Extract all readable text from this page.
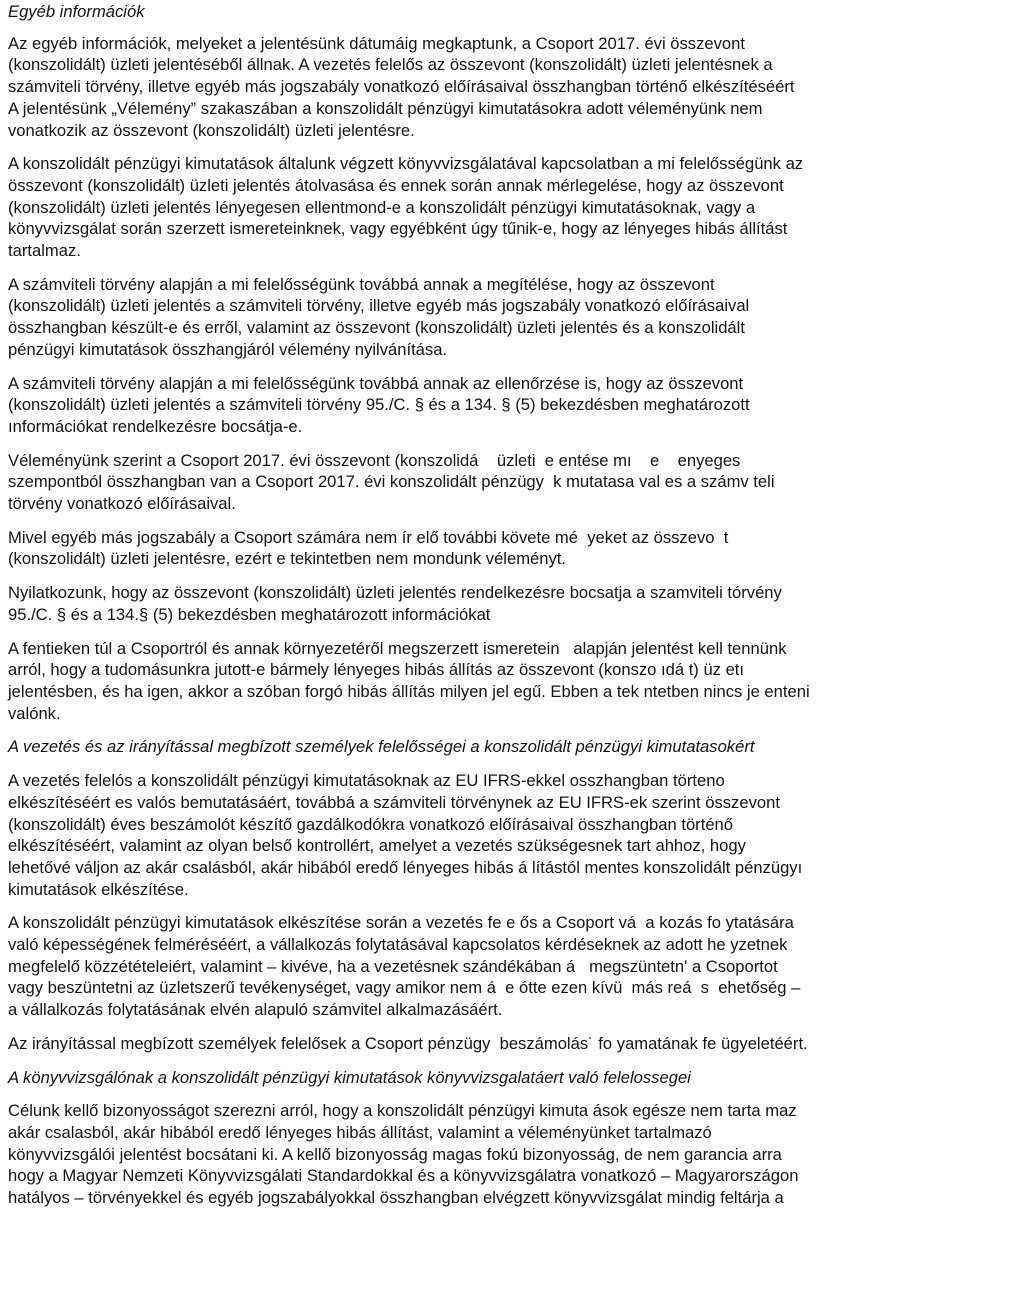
Egyéb információk
Az egyéb információk, melyeket a jelentésünk dátumáig megkaptunk, a Csoport 2017. évi összevont
(konszolidált) üzleti jelentéséből állnak. A vezetés felelős az összevont (konszolidált) üzleti jelentésnek a
számviteli törvény, illetve egyéb más jogszabály vonatkozó előírásaival összhangban történő elkészítéséért
A jelentésünk „Vélemény” szakaszában a konszolidált pénzügyi kimutatásokra adott véleményünk nem
vonatkozik az összevont (konszolidált) üzleti jelentésre.
A konszolidált pénzügyi kimutatások általunk végzett könyvvizsgálatával kapcsolatban a mi felelősségünk az
összevont (konszolidált) üzleti jelentés átolvasása és ennek során annak mérlegelése, hogy az összevont
(konszolidált) üzleti jelentés lényegesen ellentmond-e a konszolidált pénzügyi kimutatásoknak, vagy a
könyvvizsgálat során szerzett ismereteinknek, vagy egyébként úgy tűnik-e, hogy az lényeges hibás állítást
tartalmaz.
A számviteli törvény alapján a mi felelősségünk továbbá annak a megítélése, hogy az összevont
(konszolidált) üzleti jelentés a számviteli törvény, illetve egyéb más jogszabály vonatkozó előírásaival
összhangban készült-e és erről, valamint az összevont (konszolidált) üzleti jelentés és a konszolidált
pénzügyi kimutatások összhangjáról vélemény nyilvánítása.
A számviteli törvény alapján a mi felelősségünk továbbá annak az ellenőrzése is, hogy az összevont
(konszolidált) üzleti jelentés a számviteli törvény 95./C. § és a 134. § (5) bekezdésben meghatározott
ınformációkat rendelkezésre bocsátja-e.
Véleményünk szerint a Csoport 2017. évi összevont (konszolidá    üzleti  e entése mı    e    enyeges
szempontból összhangban van a Csoport 2017. évi konszolidált pénzügy  k mutatasa val es a számv teli
törvény vonatkozó előírásaival.
Mivel egyéb más jogszabály a Csoport számára nem ír elő további követe mé  yeket az összevo  t
(konszolidált) üzleti jelentésre, ezért e tekintetben nem mondunk véleményt.
Nyilatkozunk, hogy az összevont (konszolidált) üzleti jelentés rendelkezésre bocsatja a szamviteli tórvény
95./C. § és a 134.§ (5) bekezdésben meghatározott információkat
A fentieken túl a Csoportról és annak környezetéről megszerzett ismeretein   alapján jelentést kell tennünk
arról, hogy a tudomásunkra jutott-e bármely lényeges hibás állítás az összevont (konszo ıdá t) üz etı
jelentésben, és ha igen, akkor a szóban forgó hibás állítás milyen jel egű. Ebben a tek ntetben nincs je enteni
valónk.
A vezetés és az irányítással megbízott személyek felelősségei a konszolidált pénzügyi kimutatasokért
A vezetés felelós a konszolidált pénzügyi kimutatásoknak az EU IFRS-ekkel osszhangban törteno
elkészítéséért es valós bemutatásáért, továbbá a számviteli törvénynek az EU IFRS-ek szerint összevont
(konszolidált) éves beszámolót készítő gazdálkodókra vonatkozó előírásaival összhangban történő
elkészítéséért, valamint az olyan belső kontrollért, amelyet a vezetés szükségesnek tart ahhoz, hogy
lehetővé váljon az akár csalásból, akár hibából eredő lényeges hibás á lítástól mentes konszolidált pénzügyı
kimutatások elkészítése.
A konszolidált pénzügyi kimutatások elkészítése során a vezetés fe e ős a Csoport vá  a kozás fo ytatására
való képességének felméréséért, a vállalkozás folytatásával kapcsolatos kérdéseknek az adott he yzetnek
megfelelő közzétételeiért, valamint – kivéve, ha a vezetésnek szándékában á   megszüntetn' a Csoportot
vagy beszüntetni az üzletszerű tevékenységet, vagy amikor nem á  e ótte ezen kívü  más reá  s  ehetőség –
a vállalkozás folytatásának elvén alapuló számvitel alkalmazásáért.
Az irányítással megbízott személyek felelősek a Csoport pénzügy  beszámolás˙ fo yamatának fe ügyeletéért.
A könyvvizsgálónak a konszolidált pénzügyi kimutatások könyvvizsgalatáert való felelossegei
Célunk kellő bizonyosságot szerezni arról, hogy a konszolidált pénzügyi kimuta ások egésze nem tarta maz
akár csalasból, akár hibából eredő lényeges hibás állítást, valamint a véleményünket tartalmazó
könyvvizsgálói jelentést bocsátani ki. A kellő bizonyosság magas fokú bizonyosság, de nem garancia arra
hogy a Magyar Nemzeti Könyvvizsgálati Standardokkal és a könyvvizsgálatra vonatkozó – Magyarországon
hatályos – törvényekkel és egyéb jogszabályokkal összhangban elvégzett könyvvizsgálat mindig feltárja a
